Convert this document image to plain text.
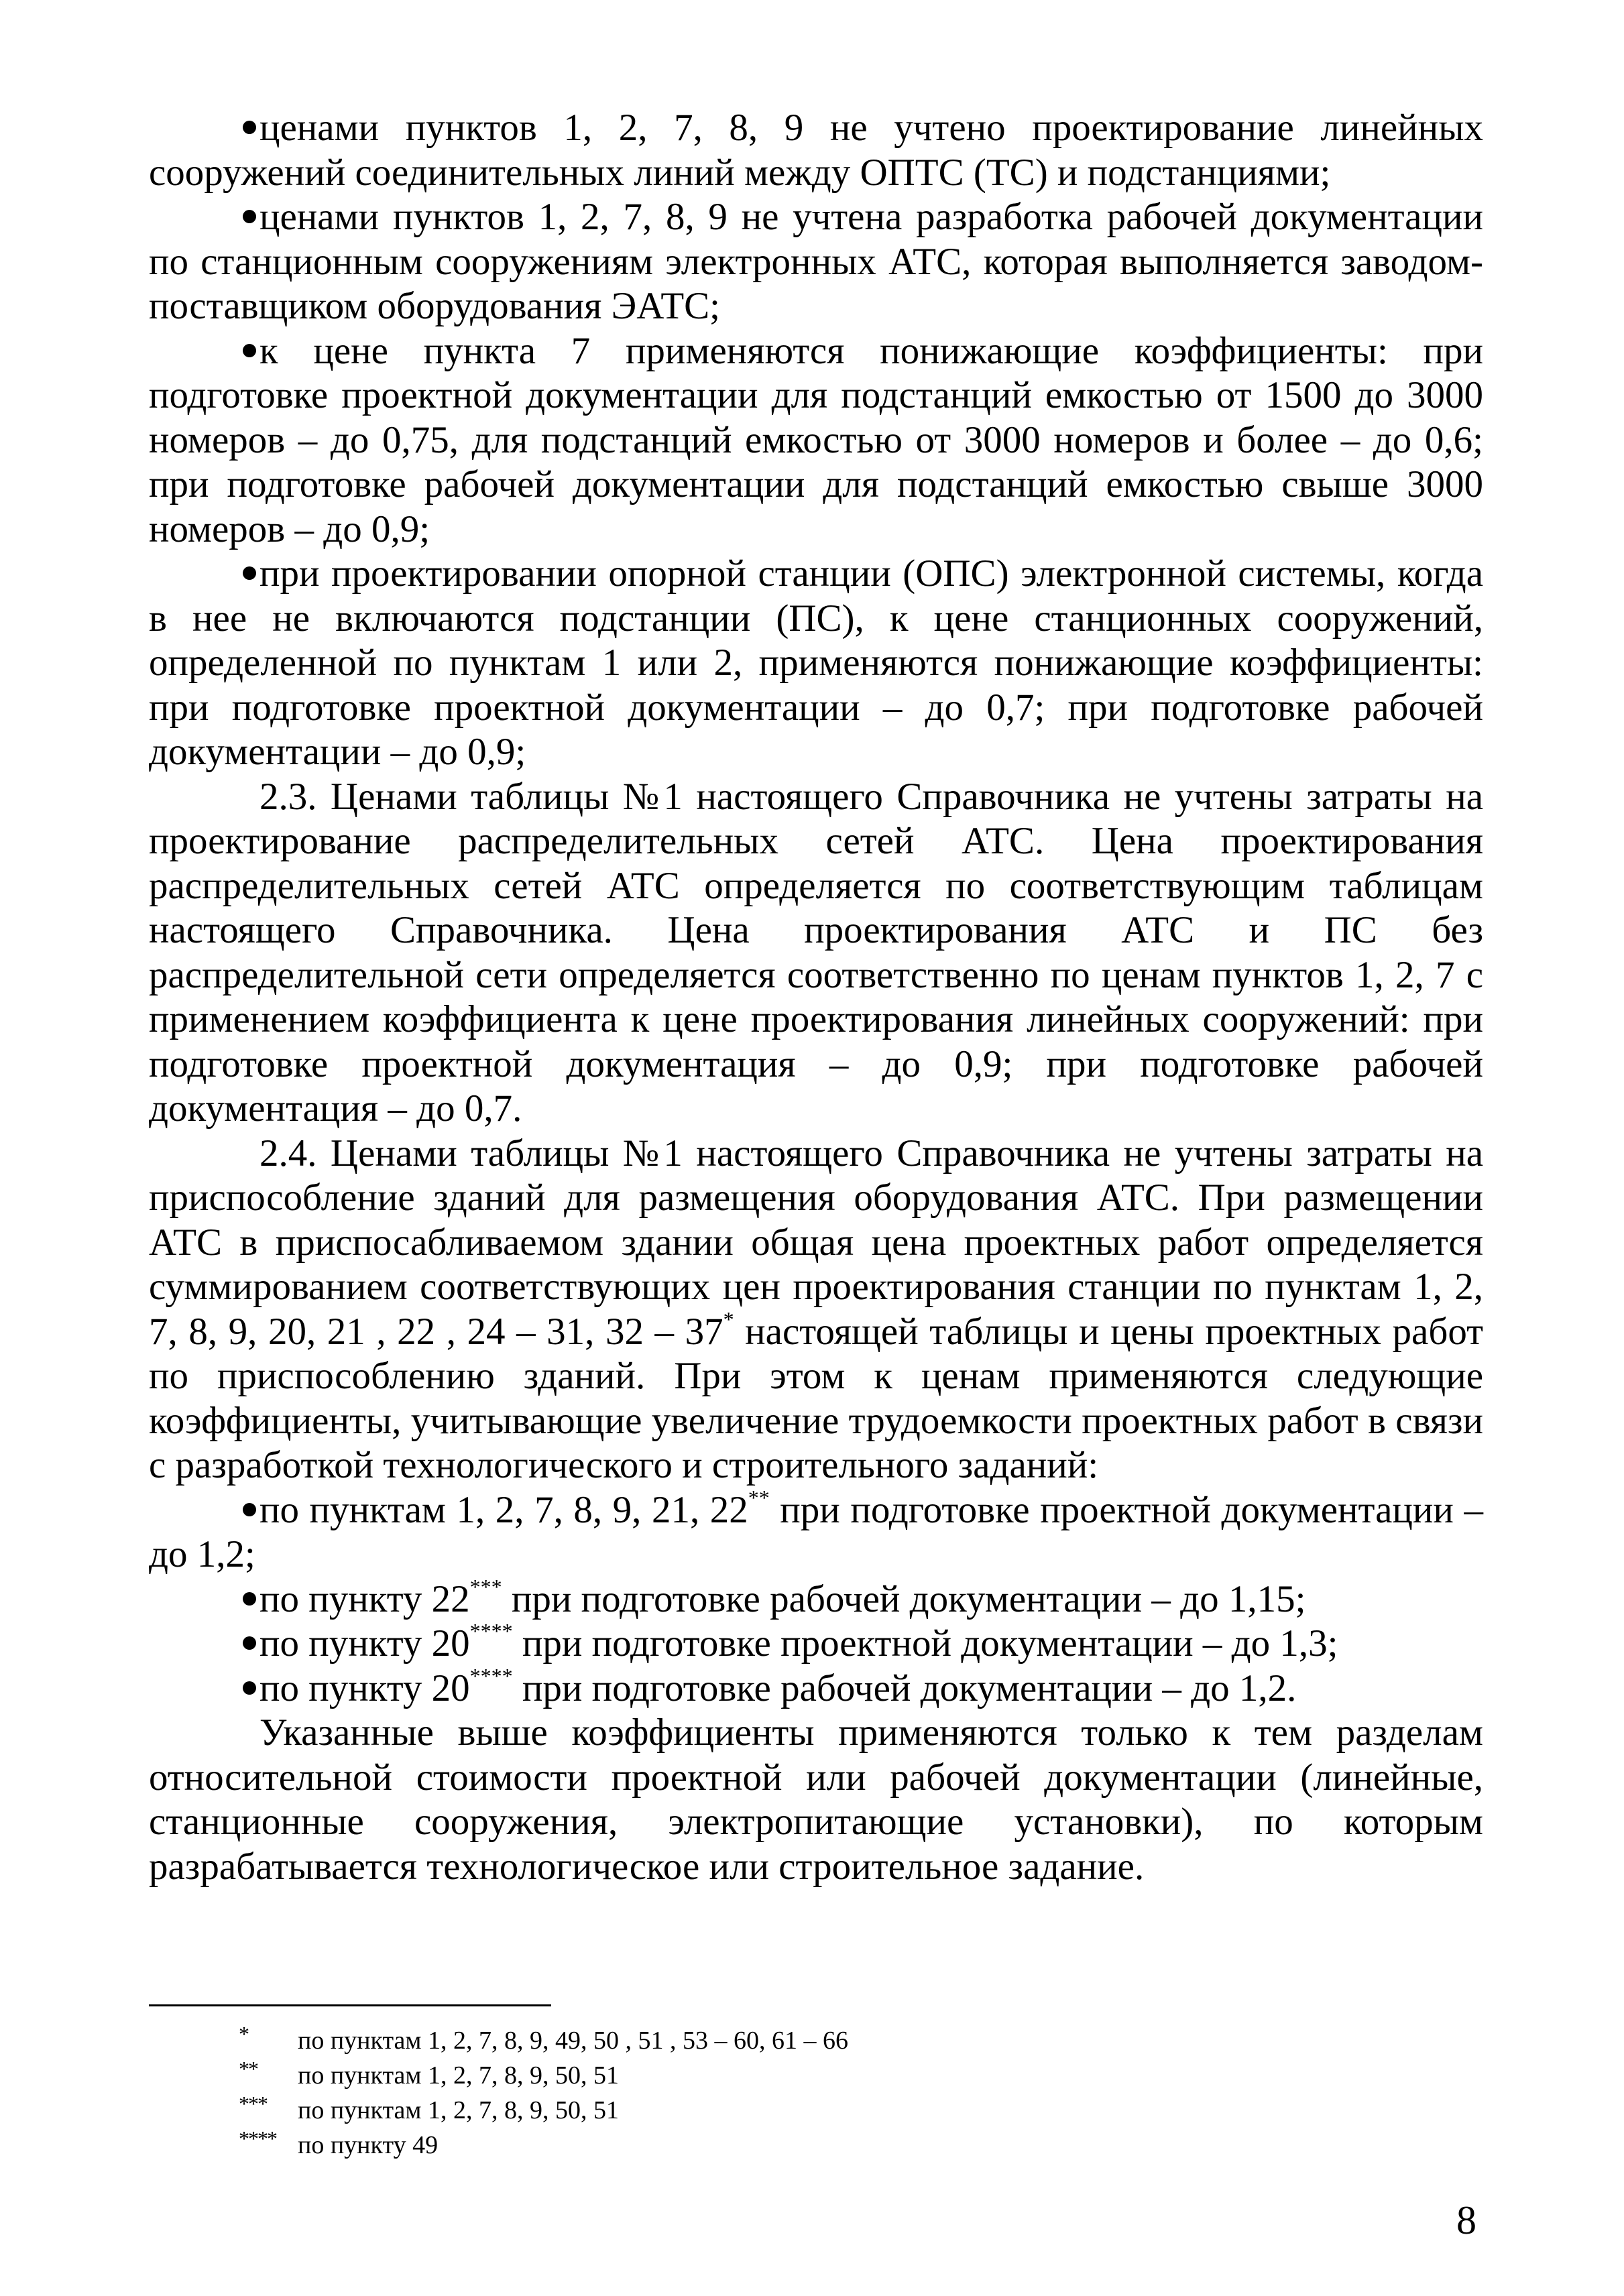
ценами пунктов 1, 2, 7, 8, 9 не учтено проектирование линейных сооружений соединительных линий между ОПТС (ТС) и подстанциями;

ценами пунктов 1, 2, 7, 8, 9 не учтена разработка рабочей документации по станционным сооружениям электронных АТС, которая выполняется заводом-поставщиком оборудования ЭАТС;

к цене пункта 7 применяются понижающие коэффициенты: при подготовке проектной документации для подстанций емкостью от 1500 до 3000 номеров – до 0,75, для подстанций емкостью от 3000 номеров и более – до 0,6; при подготовке рабочей документации для подстанций емкостью свыше 3000 номеров – до 0,9;

при проектировании опорной станции (ОПС) электронной системы, когда в нее не включаются подстанции (ПС), к цене станционных сооружений, определенной по пунктам 1 или 2, применяются понижающие коэффициенты: при подготовке проектной документации – до 0,7; при подготовке рабочей документации – до 0,9;

2.3. Ценами таблицы №1 настоящего Справочника не учтены затраты на проектирование распределительных сетей АТС. Цена проектирования распределительных сетей АТС определяется по соответствующим таблицам настоящего Справочника. Цена проектирования АТС и ПС без распределительной сети определяется соответственно по ценам пунктов 1, 2, 7 с применением коэффициента к цене проектирования линейных сооружений: при подготовке проектной документация – до 0,9; при подготовке рабочей документация – до 0,7.

2.4. Ценами таблицы №1 настоящего Справочника не учтены затраты на приспособление зданий для размещения оборудования АТС. При размещении АТС в приспосабливаемом здании общая цена проектных работ определяется суммированием соответствующих цен проектирования станции по пунктам 1, 2, 7, 8, 9, 20, 21 , 22 , 24 – 31, 32 – 37* настоящей таблицы и цены проектных работ по приспособлению зданий. При этом к ценам применяются следующие коэффициенты, учитывающие увеличение трудоемкости проектных работ в связи с разработкой технологического и строительного заданий:

по пунктам 1, 2, 7, 8, 9, 21, 22** при подготовке проектной документации – до 1,2;

по пункту 22*** при подготовке рабочей документации – до 1,15;

по пункту 20**** при подготовке проектной документации – до 1,3;

по пункту 20**** при подготовке рабочей документации – до 1,2.

Указанные выше коэффициенты применяются только к тем разделам относительной стоимости проектной или рабочей документации (линейные, станционные сооружения, электропитающие установки), по которым разрабатывается технологическое или строительное задание.

* по пунктам 1, 2, 7, 8, 9, 49, 50 , 51 , 53 – 60, 61 – 66
** по пунктам 1, 2, 7, 8, 9, 50, 51
*** по пунктам 1, 2, 7, 8, 9, 50, 51
**** по пункту 49
8
